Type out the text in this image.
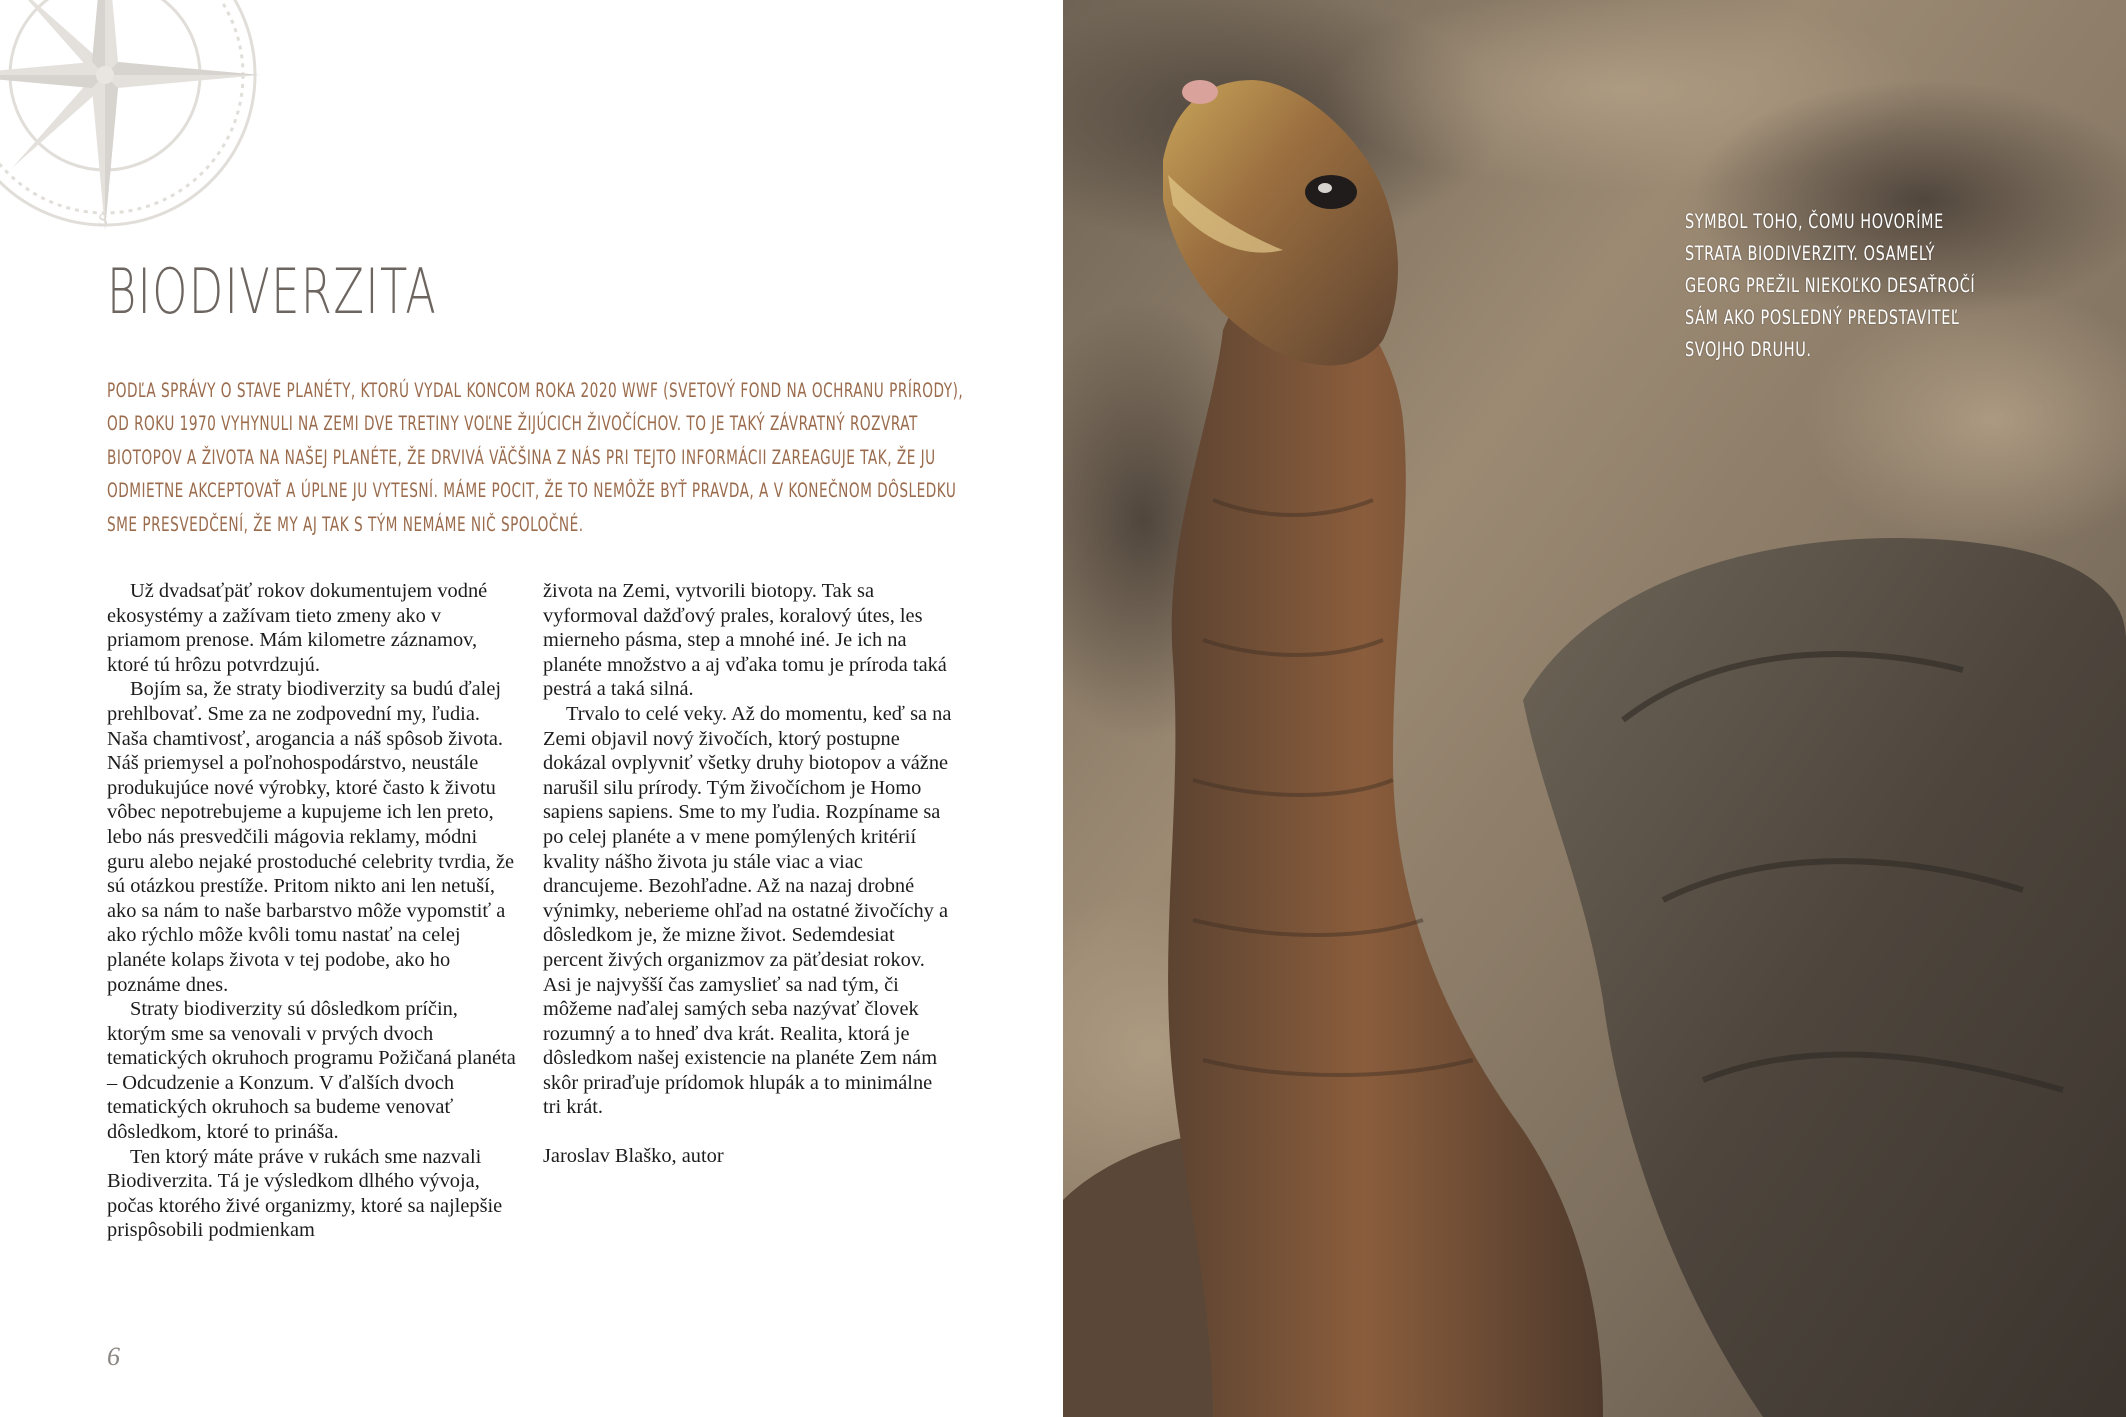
S
BIODIVERZITA

PODĽA SPRÁVY O STAVE PLANÉTY, KTORÚ VYDAL KONCOM ROKA 2020 WWF (SVETOVÝ FOND NA OCHRANU PRÍRODY), OD ROKU 1970 VYHYNULI NA ZEMI DVE TRETINY VOĽNE ŽIJÚCICH ŽIVOČÍCHOV. TO JE TAKÝ ZÁVRATNÝ ROZVRAT BIOTOPOV A ŽIVOTA NA NAŠEJ PLANÉTE, ŽE DRVIVÁ VÄČŠINA Z NÁS PRI TEJTO INFORMÁCII ZAREAGUJE TAK, ŽE JU ODMIETNE AKCEPTOVAŤ A ÚPLNE JU VYTESNÍ. MÁME POCIT, ŽE TO NEMÔŽE BYŤ PRAVDA, A V KONEČNOM DÔSLEDKU SME PRESVEDČENÍ, ŽE MY AJ TAK S TÝM NEMÁME NIČ SPOLOČNÉ.

Už dvadsaťpäť rokov dokumentujem vodné ekosystémy a zažívam tieto zmeny ako v priamom prenose. Mám kilometre záznamov, ktoré tú hrôzu potvrdzujú.

Bojím sa, že straty biodiverzity sa budú ďalej prehlbovať. Sme za ne zodpovední my, ľudia. Naša chamtivosť, arogancia a náš spôsob života. Náš priemysel a poľnohospodárstvo, neustále produkujúce nové výrobky, ktoré často k životu vôbec nepotrebujeme a kupujeme ich len preto, lebo nás presvedčili mágovia reklamy, módni guru alebo nejaké prostoduché celebrity tvrdia, že sú otázkou prestíže. Pritom nikto ani len netuší, ako sa nám to naše barbarstvo môže vypomstiť a ako rýchlo môže kvôli tomu nastať na celej planéte kolaps života v tej podobe, ako ho poznáme dnes.

Straty biodiverzity sú dôsledkom príčin, ktorým sme sa venovali v prvých dvoch tematických okruhoch programu Požičaná planéta – Odcudzenie a Konzum. V ďalších dvoch tematických okruhoch sa budeme venovať dôsledkom, ktoré to prináša.

Ten ktorý máte práve v rukách sme nazvali Biodiverzita. Tá je výsledkom dlhého vývoja, počas ktorého živé organizmy, ktoré sa najlepšie prispôsobili podmienkam

života na Zemi, vytvorili biotopy. Tak sa vyformoval dažďový prales, koralový útes, les mierneho pásma, step a mnohé iné. Je ich na planéte množstvo a aj vďaka tomu je príroda taká pestrá a taká silná.

Trvalo to celé veky. Až do momentu, keď sa na Zemi objavil nový živočích, ktorý postupne dokázal ovplyvniť všetky druhy biotopov a vážne narušil silu prírody. Tým živočíchom je Homo sapiens sapiens. Sme to my ľudia. Rozpíname sa po celej planéte a v mene pomýlených kritérií kvality nášho života ju stále viac a viac drancujeme. Bezohľadne. Až na nazaj drobné výnimky, neberieme ohľad na ostatné živočíchy a dôsledkom je, že mizne život. Sedemdesiat percent živých organizmov za päťdesiat rokov. Asi je najvyšší čas zamyslieť sa nad tým, či môžeme naďalej samých seba nazývať človek rozumný a to hneď dva krát. Realita, ktorá je dôsledkom našej existencie na planéte Zem nám skôr priraďuje prídomok hlupák a to minimálne tri krát.

Jaroslav Blaško, autor

6

SYMBOL TOHO, ČOMU HOVORÍME STRATA BIODIVERZITY. OSAMELÝ GEORG PREŽIL NIEKOĽKO DESAŤROČÍ SÁM AKO POSLEDNÝ PREDSTAVITEĽ SVOJHO DRUHU.
